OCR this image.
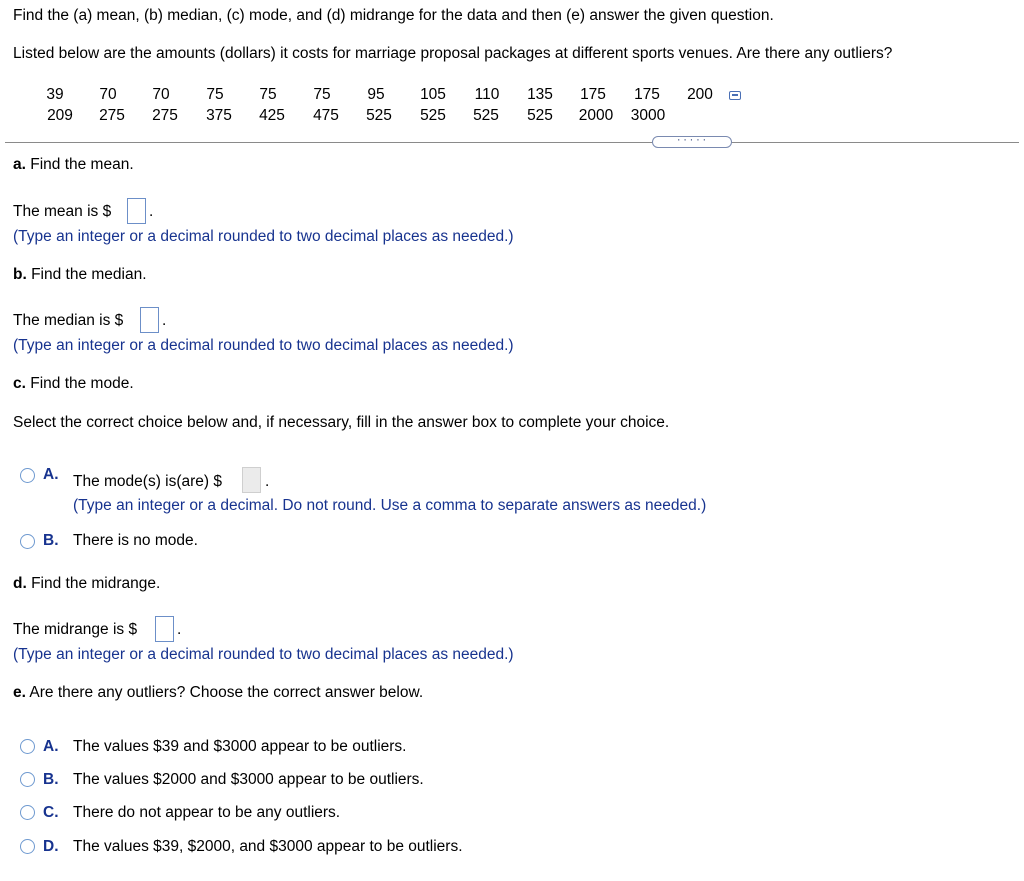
Find the (a) mean, (b) median, (c) mode, and (d) midrange for the data and then (e) answer the given question.
Listed below are the amounts (dollars) it costs for marriage proposal packages at different sports venues. Are there any outliers?
39	70	70	75	75	75	95	105	110	135	175	175	200
209	275	275	375	425	475	525	525	525	525	2000	3000
·····
a. Find the mean.
The mean is $ .
(Type an integer or a decimal rounded to two decimal places as needed.)
b. Find the median.
The median is $ .
(Type an integer or a decimal rounded to two decimal places as needed.)
c. Find the mode.
Select the correct choice below and, if necessary, fill in the answer box to complete your choice.
A. The mode(s) is(are) $	.
(Type an integer or a decimal. Do not round. Use a comma to separate answers as needed.)
B. There is no mode.
d. Find the midrange.
The midrange is $	.
(Type an integer or a decimal rounded to two decimal places as needed.)
e. Are there any outliers? Choose the correct answer below.
A. The values $39 and $3000 appear to be outliers.
B. The values $2000 and $3000 appear to be outliers.
C. There do not appear to be any outliers.
D. The values $39, $2000, and $3000 appear to be outliers.
